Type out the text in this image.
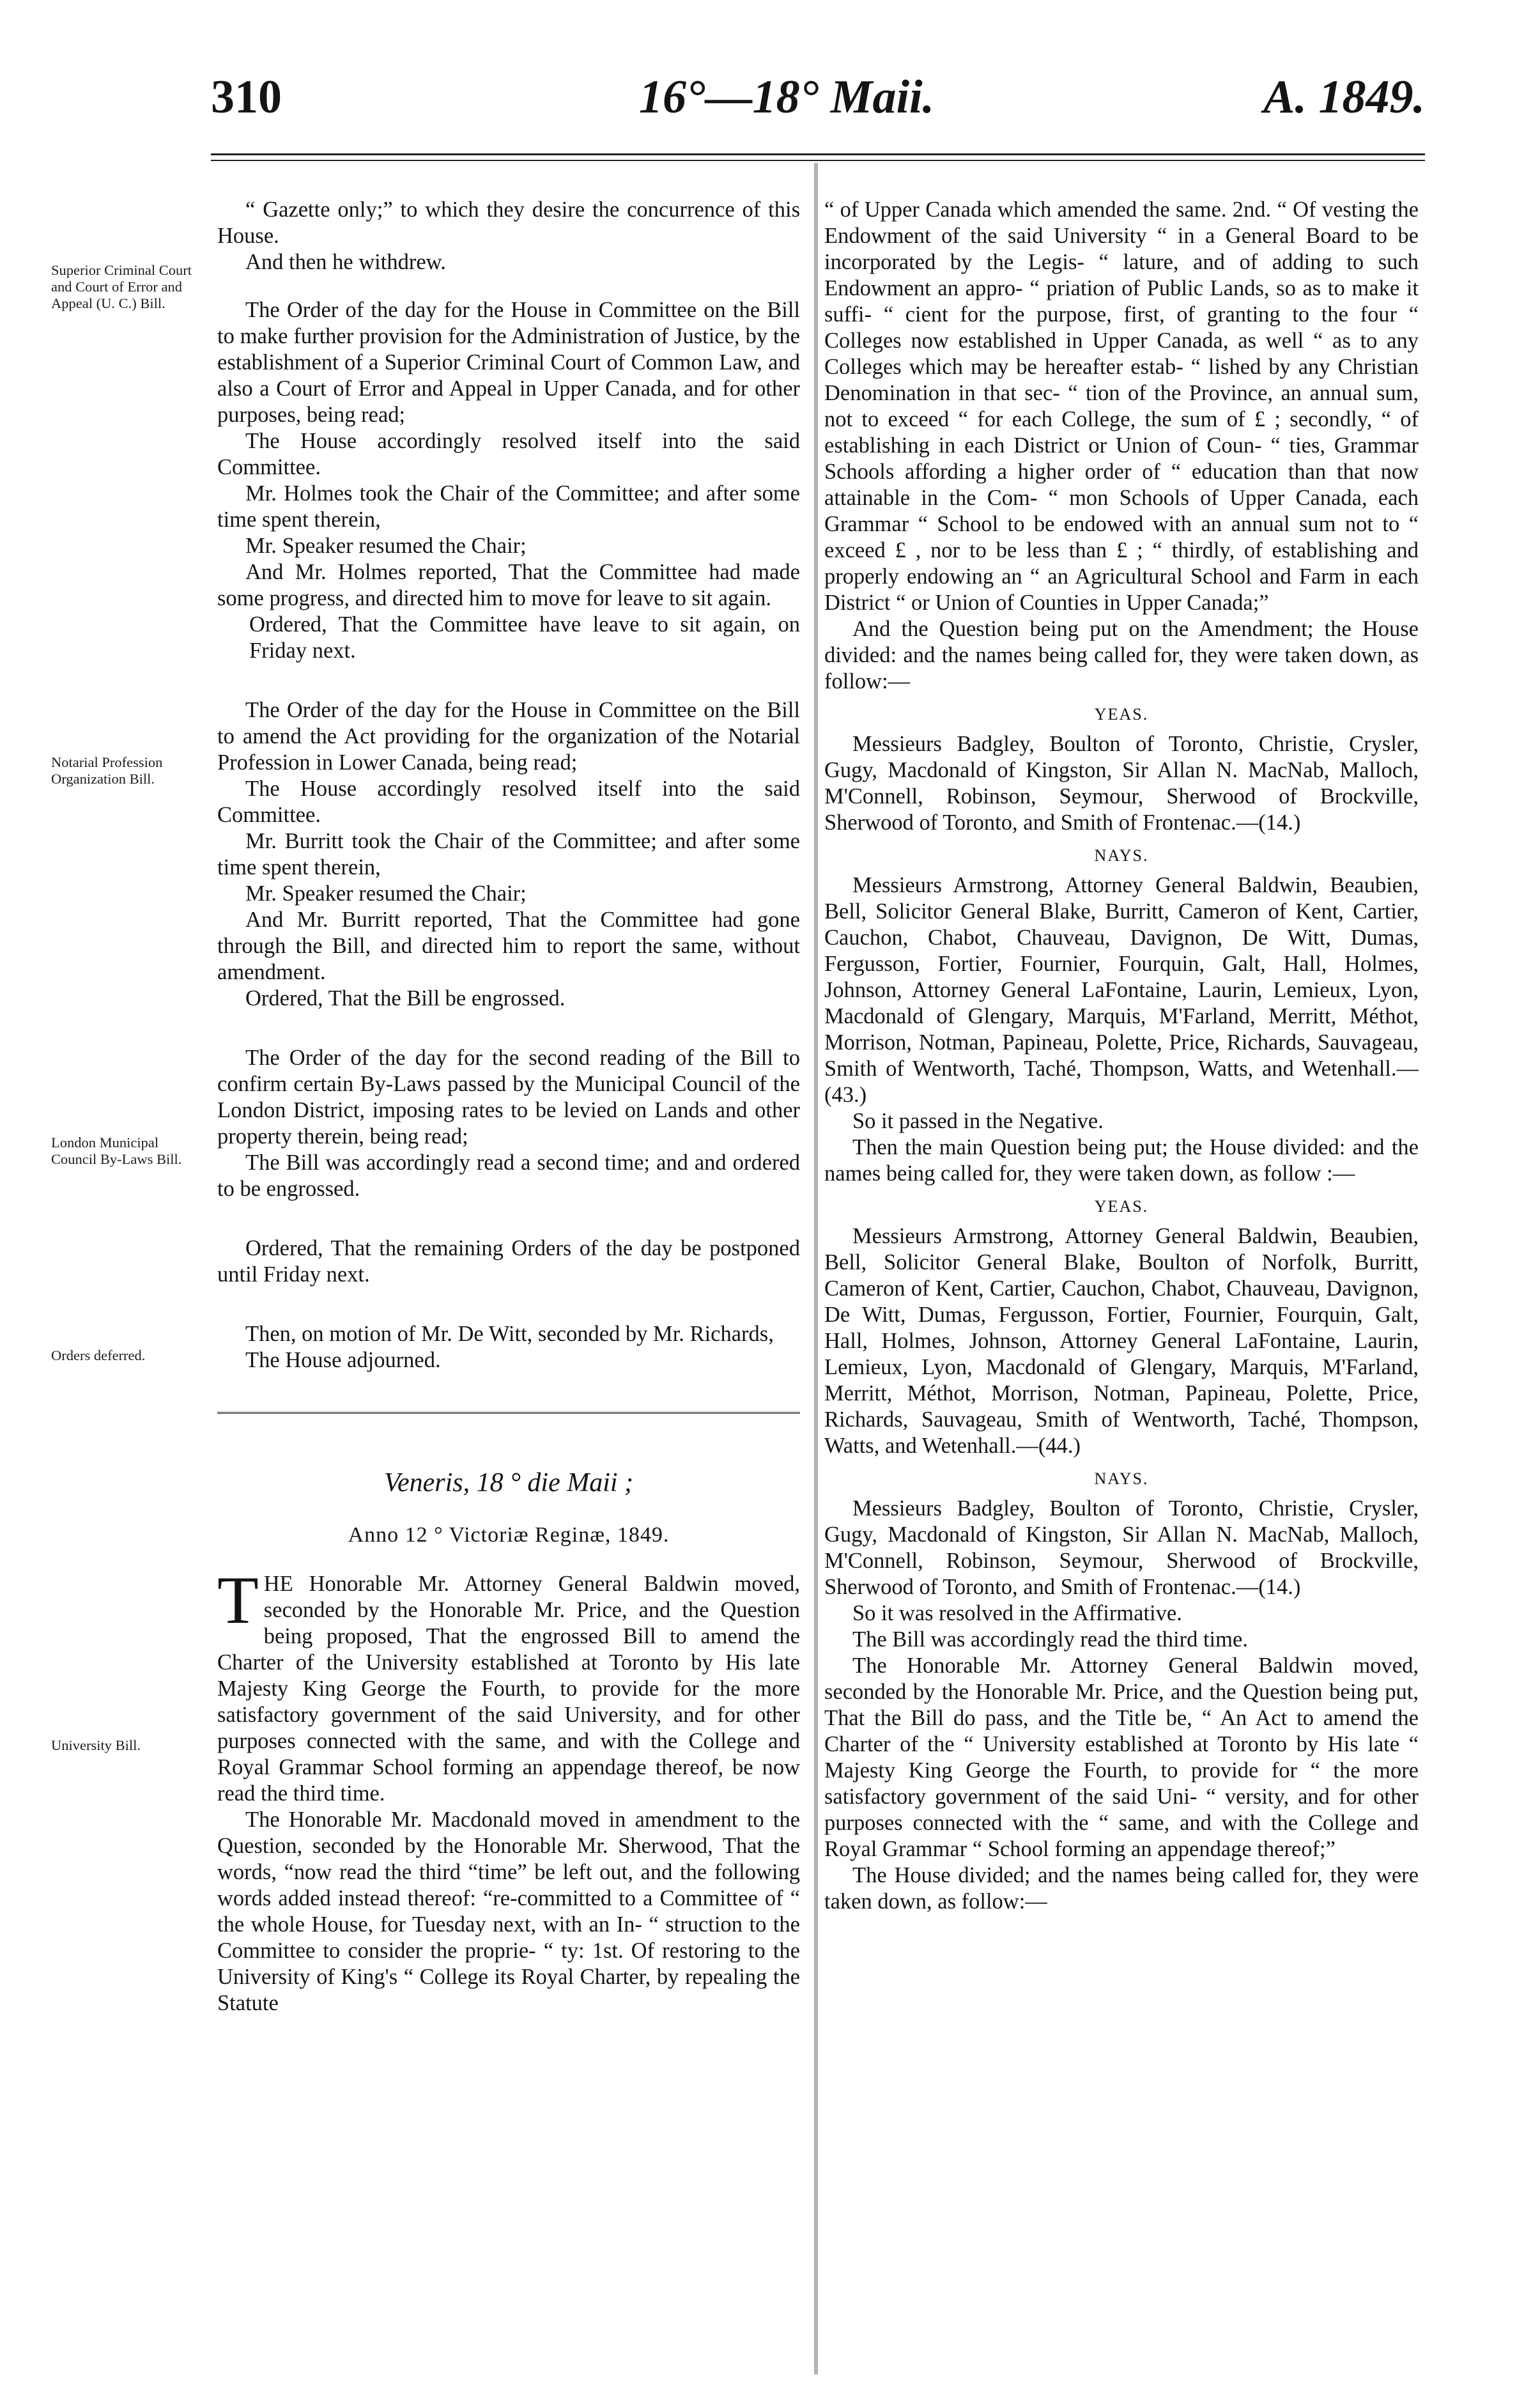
310	16°—18° Maii.	A. 1849.
Superior Criminal Court and Court of Error and Appeal (U. C.) Bill.
Notarial Profession Organization Bill.
London Municipal Council By-Laws Bill.
Orders deferred.
University Bill.

“ Gazette only;” to which they desire the concurrence of this House.

And then he withdrew.

The Order of the day for the House in Committee on the Bill to make further provision for the Administration of Justice, by the establishment of a Superior Criminal Court of Common Law, and also a Court of Error and Appeal in Upper Canada, and for other purposes, being read;

The House accordingly resolved itself into the said Committee.

Mr. Holmes took the Chair of the Committee; and after some time spent therein,

Mr. Speaker resumed the Chair;

And Mr. Holmes reported, That the Committee had made some progress, and directed him to move for leave to sit again.

Ordered, That the Committee have leave to sit again, on Friday next.

The Order of the day for the House in Committee on the Bill to amend the Act providing for the organization of the Notarial Profession in Lower Canada, being read;

The House accordingly resolved itself into the said Committee.

Mr. Burritt took the Chair of the Committee; and after some time spent therein,

Mr. Speaker resumed the Chair;

And Mr. Burritt reported, That the Committee had gone through the Bill, and directed him to report the same, without amendment.

Ordered, That the Bill be engrossed.

The Order of the day for the second reading of the Bill to confirm certain By-Laws passed by the Municipal Council of the London District, imposing rates to be levied on Lands and other property therein, being read;

The Bill was accordingly read a second time; and and ordered to be engrossed.

Ordered, That the remaining Orders of the day be postponed until Friday next.

Then, on motion of Mr. De Witt, seconded by Mr. Richards,

The House adjourned.

Veneris, 18 ° die Maii ;

Anno 12 ° Victoriæ Reginæ, 1849.

THE Honorable Mr. Attorney General Baldwin moved, seconded by the Honorable Mr. Price, and the Question being proposed, That the engrossed Bill to amend the Charter of the University established at Toronto by His late Majesty King George the Fourth, to provide for the more satisfactory government of the said University, and for other purposes connected with the same, and with the College and Royal Grammar School forming an appendage thereof, be now read the third time.

The Honorable Mr. Macdonald moved in amendment to the Question, seconded by the Honorable Mr. Sherwood, That the words, “now read the third “time” be left out, and the following words added instead thereof: “re-committed to a Committee of “ the whole House, for Tuesday next, with an In- “ struction to the Committee to consider the proprie- “ ty: 1st. Of restoring to the University of King's “ College its Royal Charter, by repealing the Statute

“ of Upper Canada which amended the same. 2nd. “ Of vesting the Endowment of the said University “ in a General Board to be incorporated by the Legis- “ lature, and of adding to such Endowment an appro- “ priation of Public Lands, so as to make it suffi- “ cient for the purpose, first, of granting to the four “ Colleges now established in Upper Canada, as well “ as to any Colleges which may be hereafter estab- “ lished by any Christian Denomination in that sec- “ tion of the Province, an annual sum, not to exceed “ for each College, the sum of £ ; secondly, “ of establishing in each District or Union of Coun- “ ties, Grammar Schools affording a higher order of “ education than that now attainable in the Com- “ mon Schools of Upper Canada, each Grammar “ School to be endowed with an annual sum not to “ exceed £ , nor to be less than £ ; “ thirdly, of establishing and properly endowing an “ an Agricultural School and Farm in each District “ or Union of Counties in Upper Canada;”

And the Question being put on the Amendment; the House divided: and the names being called for, they were taken down, as follow:—

YEAS.

Messieurs Badgley, Boulton of Toronto, Christie, Crysler, Gugy, Macdonald of Kingston, Sir Allan N. MacNab, Malloch, M'Connell, Robinson, Seymour, Sherwood of Brockville, Sherwood of Toronto, and Smith of Frontenac.—(14.)

NAYS.

Messieurs Armstrong, Attorney General Baldwin, Beaubien, Bell, Solicitor General Blake, Burritt, Cameron of Kent, Cartier, Cauchon, Chabot, Chauveau, Davignon, De Witt, Dumas, Fergusson, Fortier, Fournier, Fourquin, Galt, Hall, Holmes, Johnson, Attorney General LaFontaine, Laurin, Lemieux, Lyon, Macdonald of Glengary, Marquis, M'Farland, Merritt, Méthot, Morrison, Notman, Papineau, Polette, Price, Richards, Sauvageau, Smith of Wentworth, Taché, Thompson, Watts, and Wetenhall.—(43.)

So it passed in the Negative.

Then the main Question being put; the House divided: and the names being called for, they were taken down, as follow :—

YEAS.

Messieurs Armstrong, Attorney General Baldwin, Beaubien, Bell, Solicitor General Blake, Boulton of Norfolk, Burritt, Cameron of Kent, Cartier, Cauchon, Chabot, Chauveau, Davignon, De Witt, Dumas, Fergusson, Fortier, Fournier, Fourquin, Galt, Hall, Holmes, Johnson, Attorney General LaFontaine, Laurin, Lemieux, Lyon, Macdonald of Glengary, Marquis, M'Farland, Merritt, Méthot, Morrison, Notman, Papineau, Polette, Price, Richards, Sauvageau, Smith of Wentworth, Taché, Thompson, Watts, and Wetenhall.—(44.)

NAYS.

Messieurs Badgley, Boulton of Toronto, Christie, Crysler, Gugy, Macdonald of Kingston, Sir Allan N. MacNab, Malloch, M'Connell, Robinson, Seymour, Sherwood of Brockville, Sherwood of Toronto, and Smith of Frontenac.—(14.)

So it was resolved in the Affirmative.

The Bill was accordingly read the third time.

The Honorable Mr. Attorney General Baldwin moved, seconded by the Honorable Mr. Price, and the Question being put, That the Bill do pass, and the Title be, “ An Act to amend the Charter of the “ University established at Toronto by His late “ Majesty King George the Fourth, to provide for “ the more satisfactory government of the said Uni- “ versity, and for other purposes connected with the “ same, and with the College and Royal Grammar “ School forming an appendage thereof;”

The House divided; and the names being called for, they were taken down, as follow:—
